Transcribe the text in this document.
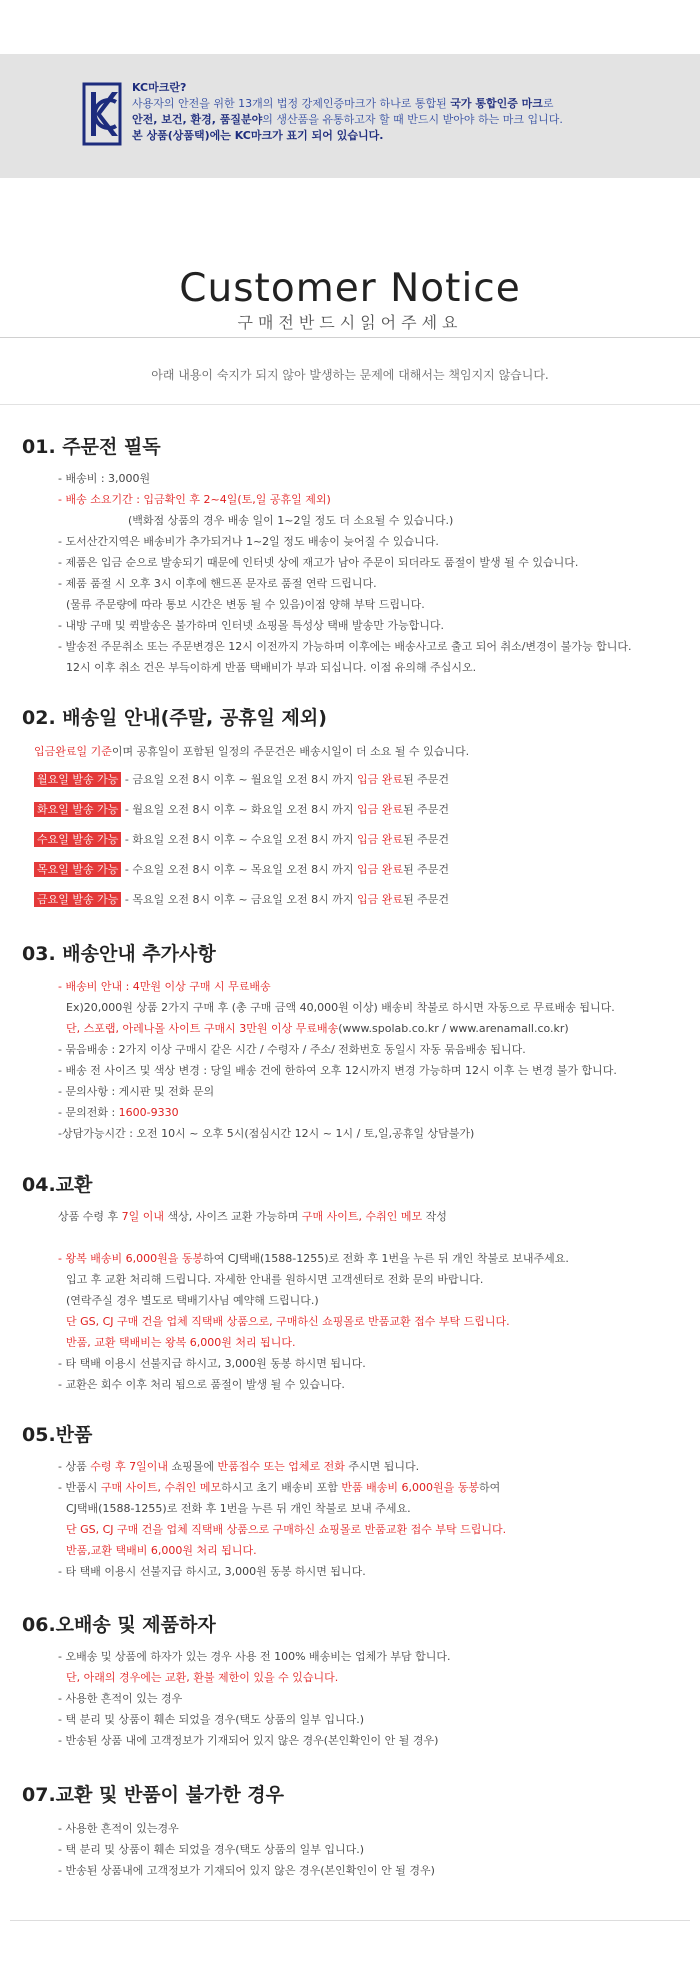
KC마크란?
사용자의 안전을 위한 13개의 법정 강제인증마크가 하나로 통합된 국가 통합인증 마크로
안전, 보건, 환경, 품질분야의 생산품을 유통하고자 할 때 반드시 받아야 하는 마크 입니다.
본 상품(상품택)에는 KC마크가 표기 되어 있습니다.
Customer Notice
구매전반드시읽어주세요
아래 내용이 숙지가 되지 않아 발생하는 문제에 대해서는 책임지지 않습니다.
01. 주문전 필독
- 배송비 : 3,000원
- 배송 소요기간 : 입금확인 후 2~4일(토,일 공휴일 제외)
(백화점 상품의 경우 배송 일이 1~2일 정도 더 소요될 수 있습니다.)
- 도서산간지역은 배송비가 추가되거나 1~2일 정도 배송이 늦어질 수 있습니다.
- 제품은 입금 순으로 발송되기 때문에 인터넷 상에 재고가 남아 주문이 되더라도 품절이 발생 될 수 있습니다.
- 제품 품절 시 오후 3시 이후에 핸드폰 문자로 품절 연락 드립니다.
(물류 주문량에 따라 통보 시간은 변동 될 수 있음)이점 양해 부탁 드립니다.
- 내방 구매 및 퀵발송은 불가하며 인터넷 쇼핑몰 특성상 택배 발송만 가능합니다.
- 발송전 주문취소 또는 주문변경은 12시 이전까지 가능하며 이후에는 배송사고로 출고 되어 취소/변경이 불가능 합니다.
12시 이후 취소 건은 부득이하게 반품 택배비가 부과 되십니다. 이점 유의해 주십시오.
02. 배송일 안내(주말, 공휴일 제외)
입금완료일 기준이며 공휴일이 포함된 일정의 주문건은 배송시일이 더 소요 될 수 있습니다.
월요일 발송 가능 - 금요일 오전 8시 이후 ~ 월요일 오전 8시 까지 입금 완료된 주문건
화요일 발송 가능 - 월요일 오전 8시 이후 ~ 화요일 오전 8시 까지 입금 완료된 주문건
수요일 발송 가능 - 화요일 오전 8시 이후 ~ 수요일 오전 8시 까지 입금 완료된 주문건
목요일 발송 가능 - 수요일 오전 8시 이후 ~ 목요일 오전 8시 까지 입금 완료된 주문건
금요일 발송 가능 - 목요일 오전 8시 이후 ~ 금요일 오전 8시 까지 입금 완료된 주문건
03. 배송안내 추가사항
- 배송비 안내 : 4만원 이상 구매 시 무료배송
Ex)20,000원 상품 2가지 구매 후 (총 구매 금액 40,000원 이상) 배송비 착불로 하시면 자동으로 무료배송 됩니다.
단, 스포랩, 아레나몰 사이트 구매시 3만원 이상 무료배송(www.spolab.co.kr / www.arenamall.co.kr)
- 묶음배송 : 2가지 이상 구매시 같은 시간 / 수령자 / 주소/ 전화번호 동일시 자동 묶음배송 됩니다.
- 배송 전 사이즈 및 색상 변경 : 당일 배송 건에 한하여 오후 12시까지 변경 가능하며 12시 이후 는 변경 불가 합니다.
- 문의사항 : 게시판 및 전화 문의
- 문의전화 : 1600-9330
-상담가능시간 : 오전 10시 ~ 오후 5시(점심시간 12시 ~ 1시 / 토,일,공휴일 상담불가)
04.교환
상품 수령 후 7일 이내 색상, 사이즈 교환 가능하며 구매 사이트, 수취인 메모 작성
- 왕복 배송비 6,000원을 동봉하여 CJ택배(1588-1255)로 전화 후 1번을 누른 뒤 개인 착불로 보내주세요.
입고 후 교환 처리해 드립니다. 자세한 안내를 원하시면 고객센터로 전화 문의 바랍니다.
(연락주실 경우 별도로 택배기사님 예약해 드립니다.)
단 GS, CJ 구매 건을 업체 직택배 상품으로, 구매하신 쇼핑몰로 반품교환 접수 부탁 드립니다.
반품, 교환 택배비는 왕복 6,000원 처리 됩니다.
- 타 택배 이용시 선불지급 하시고, 3,000원 동봉 하시면 됩니다.
- 교환은 회수 이후 처리 됨으로 품절이 발생 될 수 있습니다.
05.반품
- 상품 수령 후 7일이내 쇼핑몰에 반품접수 또는 업체로 전화 주시면 됩니다.
- 반품시 구매 사이트, 수취인 메모하시고 초기 배송비 포함 반품 배송비 6,000원을 동봉하여
CJ택배(1588-1255)로 전화 후 1번을 누른 뒤 개인 착불로 보내 주세요.
단 GS, CJ 구매 건을 업체 직택배 상품으로 구매하신 쇼핑몰로 반품교환 접수 부탁 드립니다.
반품,교환 택배비 6,000원 처리 됩니다.
- 타 택배 이용시 선불지급 하시고, 3,000원 동봉 하시면 됩니다.
06.오배송 및 제품하자
- 오배송 및 상품에 하자가 있는 경우 사용 전 100% 배송비는 업체가 부담 합니다.
단, 아래의 경우에는 교환, 환불 제한이 있을 수 있습니다.
- 사용한 흔적이 있는 경우
- 택 분리 및 상품이 훼손 되었을 경우(택도 상품의 일부 입니다.)
- 반송된 상품 내에 고객정보가 기재되어 있지 않은 경우(본인확인이 안 될 경우)
07.교환 및 반품이 불가한 경우
- 사용한 흔적이 있는경우
- 택 분리 및 상품이 훼손 되었을 경우(택도 상품의 일부 입니다.)
- 반송된 상품내에 고객정보가 기재되어 있지 않은 경우(본인확인이 안 될 경우)
